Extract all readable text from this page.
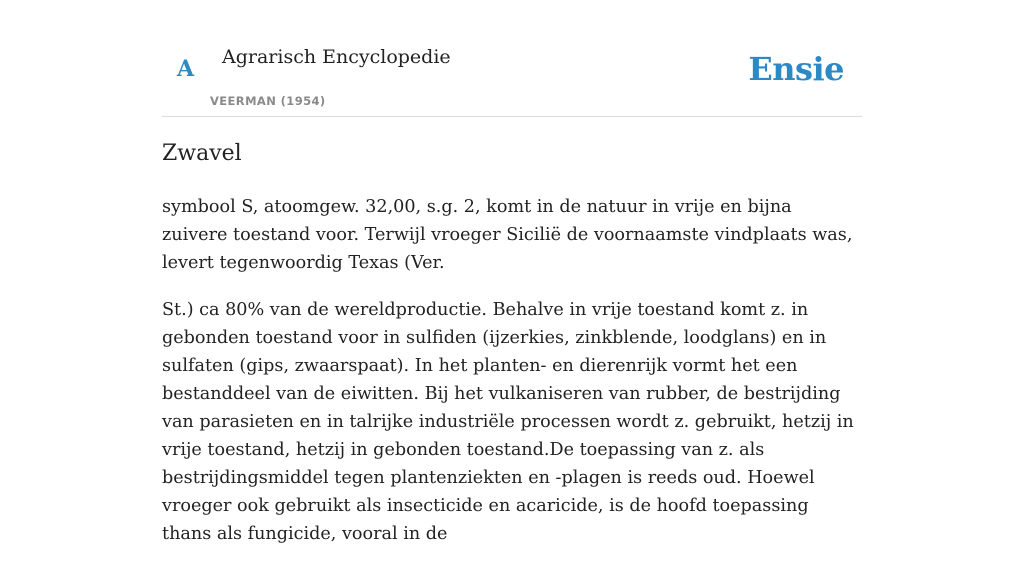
A Agrarisch Encyclopedie
VEERMAN (1954)
Ensie
Zwavel

symbool S, atoomgew. 32,00, s.g. 2, komt in de natuur in vrije en bijna zuivere toestand voor. Terwijl vroeger Sicilië de voornaamste vindplaats was, levert tegenwoordig Texas (Ver.

St.) ca 80% van de wereldproductie. Behalve in vrije toestand komt z. in gebonden toestand voor in sulfiden (ijzerkies, zinkblende, loodglans) en in sulfaten (gips, zwaarspaat). In het planten- en dierenrijk vormt het een bestanddeel van de eiwitten. Bij het vulkaniseren van rubber, de bestrijding van parasieten en in talrijke industriële processen wordt z. gebruikt, hetzij in vrije toestand, hetzij in gebonden toestand.De toepassing van z. als bestrijdingsmiddel tegen plantenziekten en -plagen is reeds oud. Hoewel vroeger ook gebruikt als insecticide en acaricide, is de hoofd toepassing thans als fungicide, vooral in de
